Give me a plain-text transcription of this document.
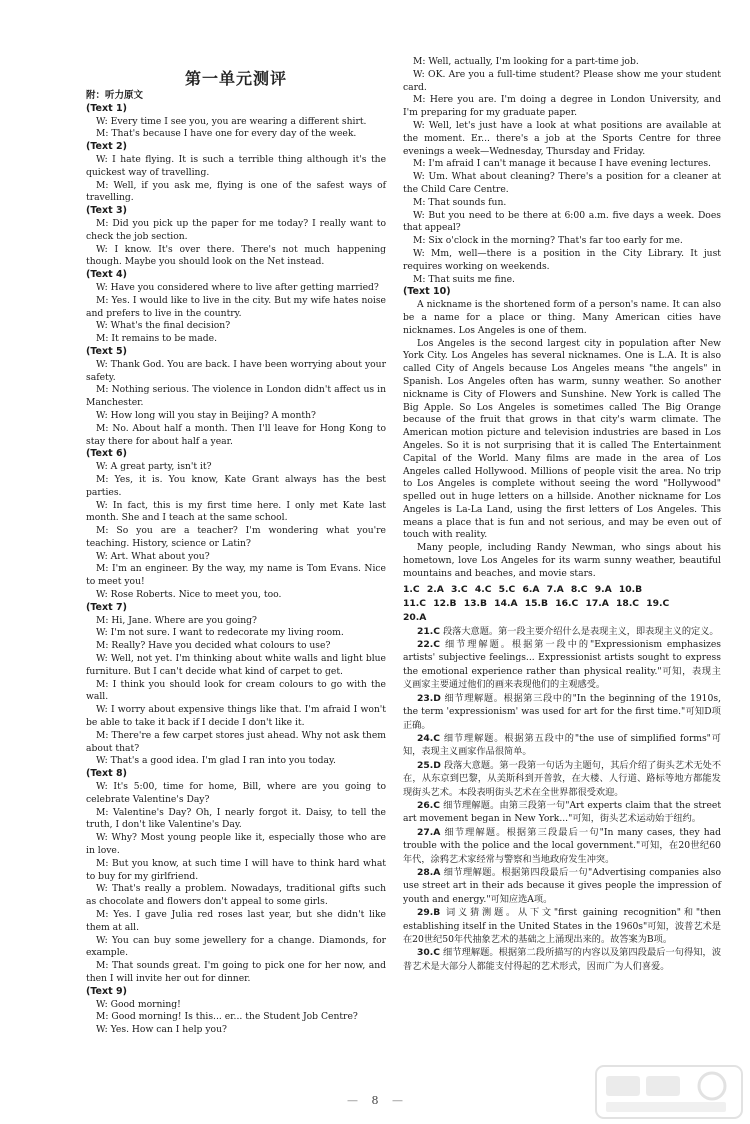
第一单元测评
附：听力原文
(Text 1)

W: Every time I see you, you are wearing a different shirt.

M: That's because I have one for every day of the week.

(Text 2)

W: I hate flying. It is such a terrible thing although it's the quickest way of travelling.

M: Well, if you ask me, flying is one of the safest ways of travelling.

(Text 3)

M: Did you pick up the paper for me today? I really want to check the job section.

W: I know. It's over there. There's not much happening though. Maybe you should look on the Net instead.

(Text 4)

W: Have you considered where to live after getting married?

M: Yes. I would like to live in the city. But my wife hates noise and prefers to live in the country.

W: What's the final decision?

M: It remains to be made.

(Text 5)

W: Thank God. You are back. I have been worrying about your safety.

M: Nothing serious. The violence in London didn't affect us in Manchester.

W: How long will you stay in Beijing? A month?

M: No. About half a month. Then I'll leave for Hong Kong to stay there for about half a year.

(Text 6)

W: A great party, isn't it?

M: Yes, it is. You know, Kate Grant always has the best parties.

W: In fact, this is my first time here. I only met Kate last month. She and I teach at the same school.

M: So you are a teacher? I'm wondering what you're teaching. History, science or Latin?

W: Art. What about you?

M: I'm an engineer. By the way, my name is Tom Evans. Nice to meet you!

W: Rose Roberts. Nice to meet you, too.

(Text 7)

M: Hi, Jane. Where are you going?

W: I'm not sure. I want to redecorate my living room.

M: Really? Have you decided what colours to use?

W: Well, not yet. I'm thinking about white walls and light blue furniture. But I can't decide what kind of carpet to get.

M: I think you should look for cream colours to go with the wall.

W: I worry about expensive things like that. I'm afraid I won't be able to take it back if I decide I don't like it.

M: There're a few carpet stores just ahead. Why not ask them about that?

W: That's a good idea. I'm glad I ran into you today.

(Text 8)

W: It's 5:00, time for home, Bill, where are you going to celebrate Valentine's Day?

M: Valentine's Day? Oh, I nearly forgot it. Daisy, to tell the truth, I don't like Valentine's Day.

W: Why? Most young people like it, especially those who are in love.

M: But you know, at such time I will have to think hard what to buy for my girlfriend.

W: That's really a problem. Nowadays, traditional gifts such as chocolate and flowers don't appeal to some girls.

M: Yes. I gave Julia red roses last year, but she didn't like them at all.

W: You can buy some jewellery for a change. Diamonds, for example.

M: That sounds great. I'm going to pick one for her now, and then I will invite her out for dinner.

(Text 9)

W: Good morning!

M: Good morning! Is this... er... the Student Job Centre?

W: Yes. How can I help you?

M: Well, actually, I'm looking for a part-time job.

W: OK. Are you a full-time student? Please show me your student card.

M: Here you are. I'm doing a degree in London University, and I'm preparing for my graduate paper.

W: Well, let's just have a look at what positions are available at the moment. Er... there's a job at the Sports Centre for three evenings a week—Wednesday, Thursday and Friday.

M: I'm afraid I can't manage it because I have evening lectures.

W: Um. What about cleaning? There's a position for a cleaner at the Child Care Centre.

M: That sounds fun.

W: But you need to be there at 6:00 a.m. five days a week. Does that appeal?

M: Six o'clock in the morning? That's far too early for me.

W: Mm, well—there is a position in the City Library. It just requires working on weekends.

M: That suits me fine.

(Text 10)

A nickname is the shortened form of a person's name. It can also be a name for a place or thing. Many American cities have nicknames. Los Angeles is one of them.

Los Angeles is the second largest city in population after New York City. Los Angeles has several nicknames. One is L.A. It is also called City of Angels because Los Angeles means "the angels" in Spanish. Los Angeles often has warm, sunny weather. So another nickname is City of Flowers and Sunshine. New York is called The Big Apple. So Los Angeles is sometimes called The Big Orange because of the fruit that grows in that city's warm climate. The American motion picture and television industries are based in Los Angeles. So it is not surprising that it is called The Entertainment Capital of the World. Many films are made in the area of Los Angeles called Hollywood. Millions of people visit the area. No trip to Los Angeles is complete without seeing the word "Hollywood" spelled out in huge letters on a hillside. Another nickname for Los Angeles is La-La Land, using the first letters of Los Angeles. This means a place that is fun and not serious, and may be even out of touch with reality.

Many people, including Randy Newman, who sings about his hometown, love Los Angeles for its warm sunny weather, beautiful mountains and beaches, and movie stars.

1.C 2.A 3.C 4.C 5.C 6.A 7.A 8.C 9.A 10.B

11.C 12.B 13.B 14.A 15.B 16.C 17.A 18.C 19.C

20.A

21.C 段落大意题。第一段主要介绍什么是表现主义，即表现主义的定义。

22.C 细节理解题。根据第一段中的"Expressionism emphasizes artists' subjective feelings... Expressionist artists sought to express the emotional experience rather than physical reality."可知，表现主义画家主要通过他们的画来表现他们的主观感受。

23.D 细节理解题。根据第三段中的"In the beginning of the 1910s, the term 'expressionism' was used for art for the first time."可知D项正确。

24.C 细节理解题。根据第五段中的"the use of simplified forms"可知，表现主义画家作品很简单。

25.D 段落大意题。第一段第一句话为主题句，其后介绍了街头艺术无处不在，从东京到巴黎，从美斯科到开普敦，在大楼、人行道、路标等地方都能发现街头艺术。本段表明街头艺术在全世界都很受欢迎。

26.C 细节理解题。由第三段第一句"Art experts claim that the street art movement began in New York..."可知，街头艺术运动始于纽约。

27.A 细节理解题。根据第三段最后一句"In many cases, they had trouble with the police and the local government."可知，在20世纪60年代，涂鸦艺术家经常与警察和当地政府发生冲突。

28.A 细节理解题。根据第四段最后一句"Advertising companies also use street art in their ads because it gives people the impression of youth and energy."可知应选A项。

29.B 词义猜测题。从下文"first gaining recognition"和"then establishing itself in the United States in the 1960s"可知，波普艺术是在20世纪50年代抽象艺术的基础之上涌现出来的。故答案为B项。

30.C 细节理解题。根据第二段所描写的内容以及第四段最后一句得知，波普艺术是大部分人都能支付得起的艺术形式，因而广为人们喜爱。

— 8 —
